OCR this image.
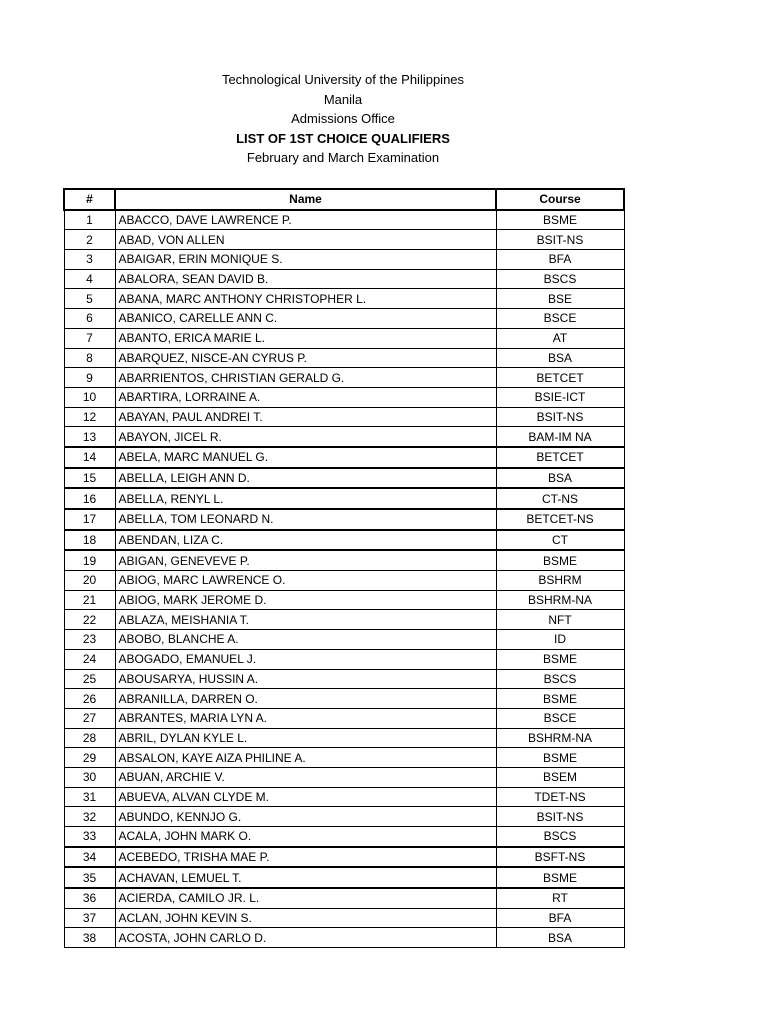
Technological University of the Philippines
Manila
Admissions Office
LIST OF 1ST CHOICE QUALIFIERS
February and March Examination
#	Name	Course
1	ABACCO, DAVE LAWRENCE P.	BSME
2	ABAD, VON ALLEN	BSIT-NS
3	ABAIGAR, ERIN MONIQUE S.	BFA
4	ABALORA, SEAN DAVID B.	BSCS
5	ABANA, MARC ANTHONY CHRISTOPHER L.	BSE
6	ABANICO, CARELLE ANN C.	BSCE
7	ABANTO, ERICA MARIE L.	AT
8	ABARQUEZ, NISCE-AN CYRUS P.	BSA
9	ABARRIENTOS, CHRISTIAN GERALD G.	BETCET
10	ABARTIRA, LORRAINE A.	BSIE-ICT
12	ABAYAN, PAUL ANDREI T.	BSIT-NS
13	ABAYON, JICEL R.	BAM-IM NA
14	ABELA, MARC MANUEL G.	BETCET
15	ABELLA, LEIGH ANN D.	BSA
16	ABELLA, RENYL L.	CT-NS
17	ABELLA, TOM LEONARD N.	BETCET-NS
18	ABENDAN, LIZA C.	CT
19	ABIGAN, GENEVEVE P.	BSME
20	ABIOG, MARC LAWRENCE O.	BSHRM
21	ABIOG, MARK JEROME D.	BSHRM-NA
22	ABLAZA, MEISHANIA T.	NFT
23	ABOBO, BLANCHE A.	ID
24	ABOGADO, EMANUEL J.	BSME
25	ABOUSARYA, HUSSIN A.	BSCS
26	ABRANILLA, DARREN O.	BSME
27	ABRANTES, MARIA LYN A.	BSCE
28	ABRIL, DYLAN KYLE L.	BSHRM-NA
29	ABSALON, KAYE AIZA PHILINE A.	BSME
30	ABUAN, ARCHIE V.	BSEM
31	ABUEVA, ALVAN CLYDE M.	TDET-NS
32	ABUNDO, KENNJO G.	BSIT-NS
33	ACALA, JOHN MARK O.	BSCS
34	ACEBEDO, TRISHA MAE P.	BSFT-NS
35	ACHAVAN, LEMUEL T.	BSME
36	ACIERDA, CAMILO JR. L.	RT
37	ACLAN, JOHN KEVIN S.	BFA
38	ACOSTA, JOHN CARLO D.	BSA
